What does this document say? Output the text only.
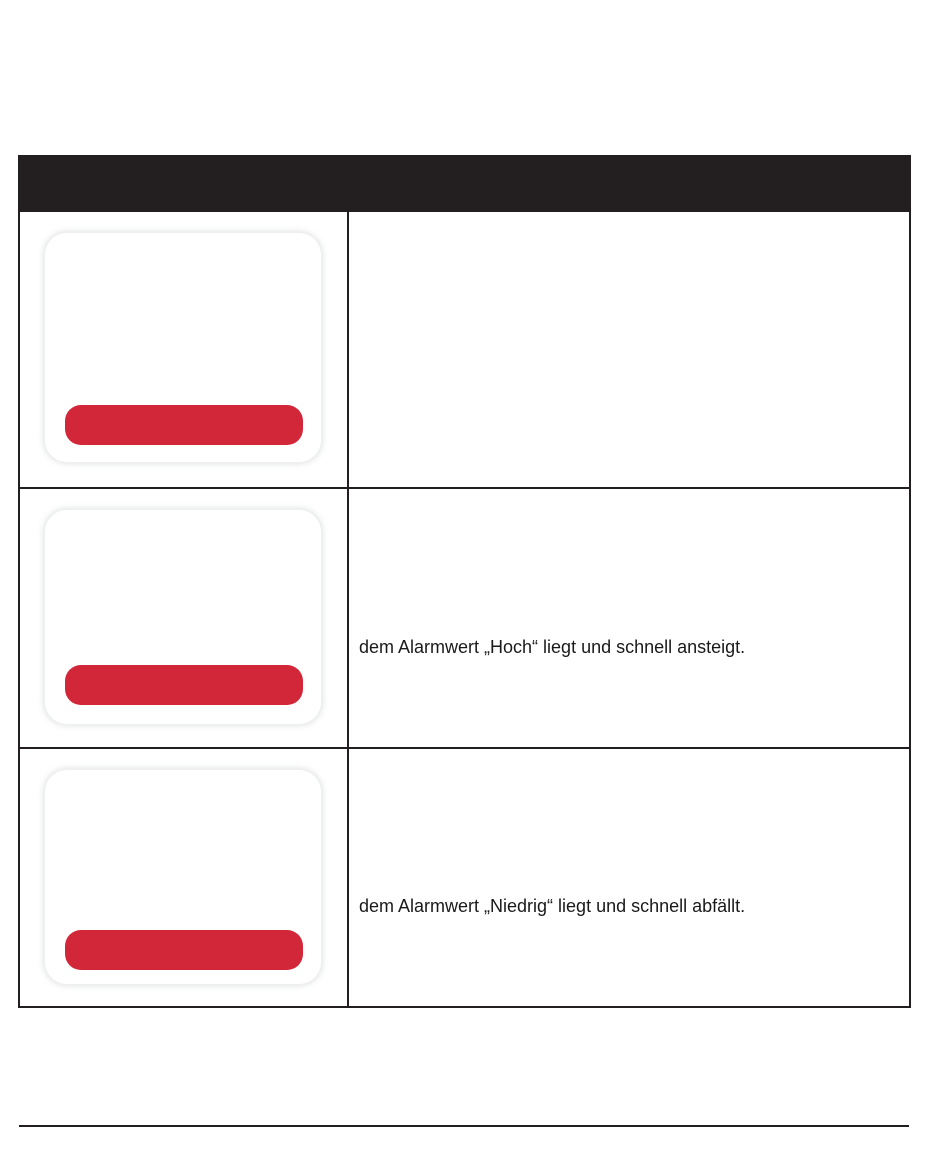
dem Alarmwert „Hoch“ liegt und schnell ansteigt.
dem Alarmwert „Niedrig“ liegt und schnell abfällt.
